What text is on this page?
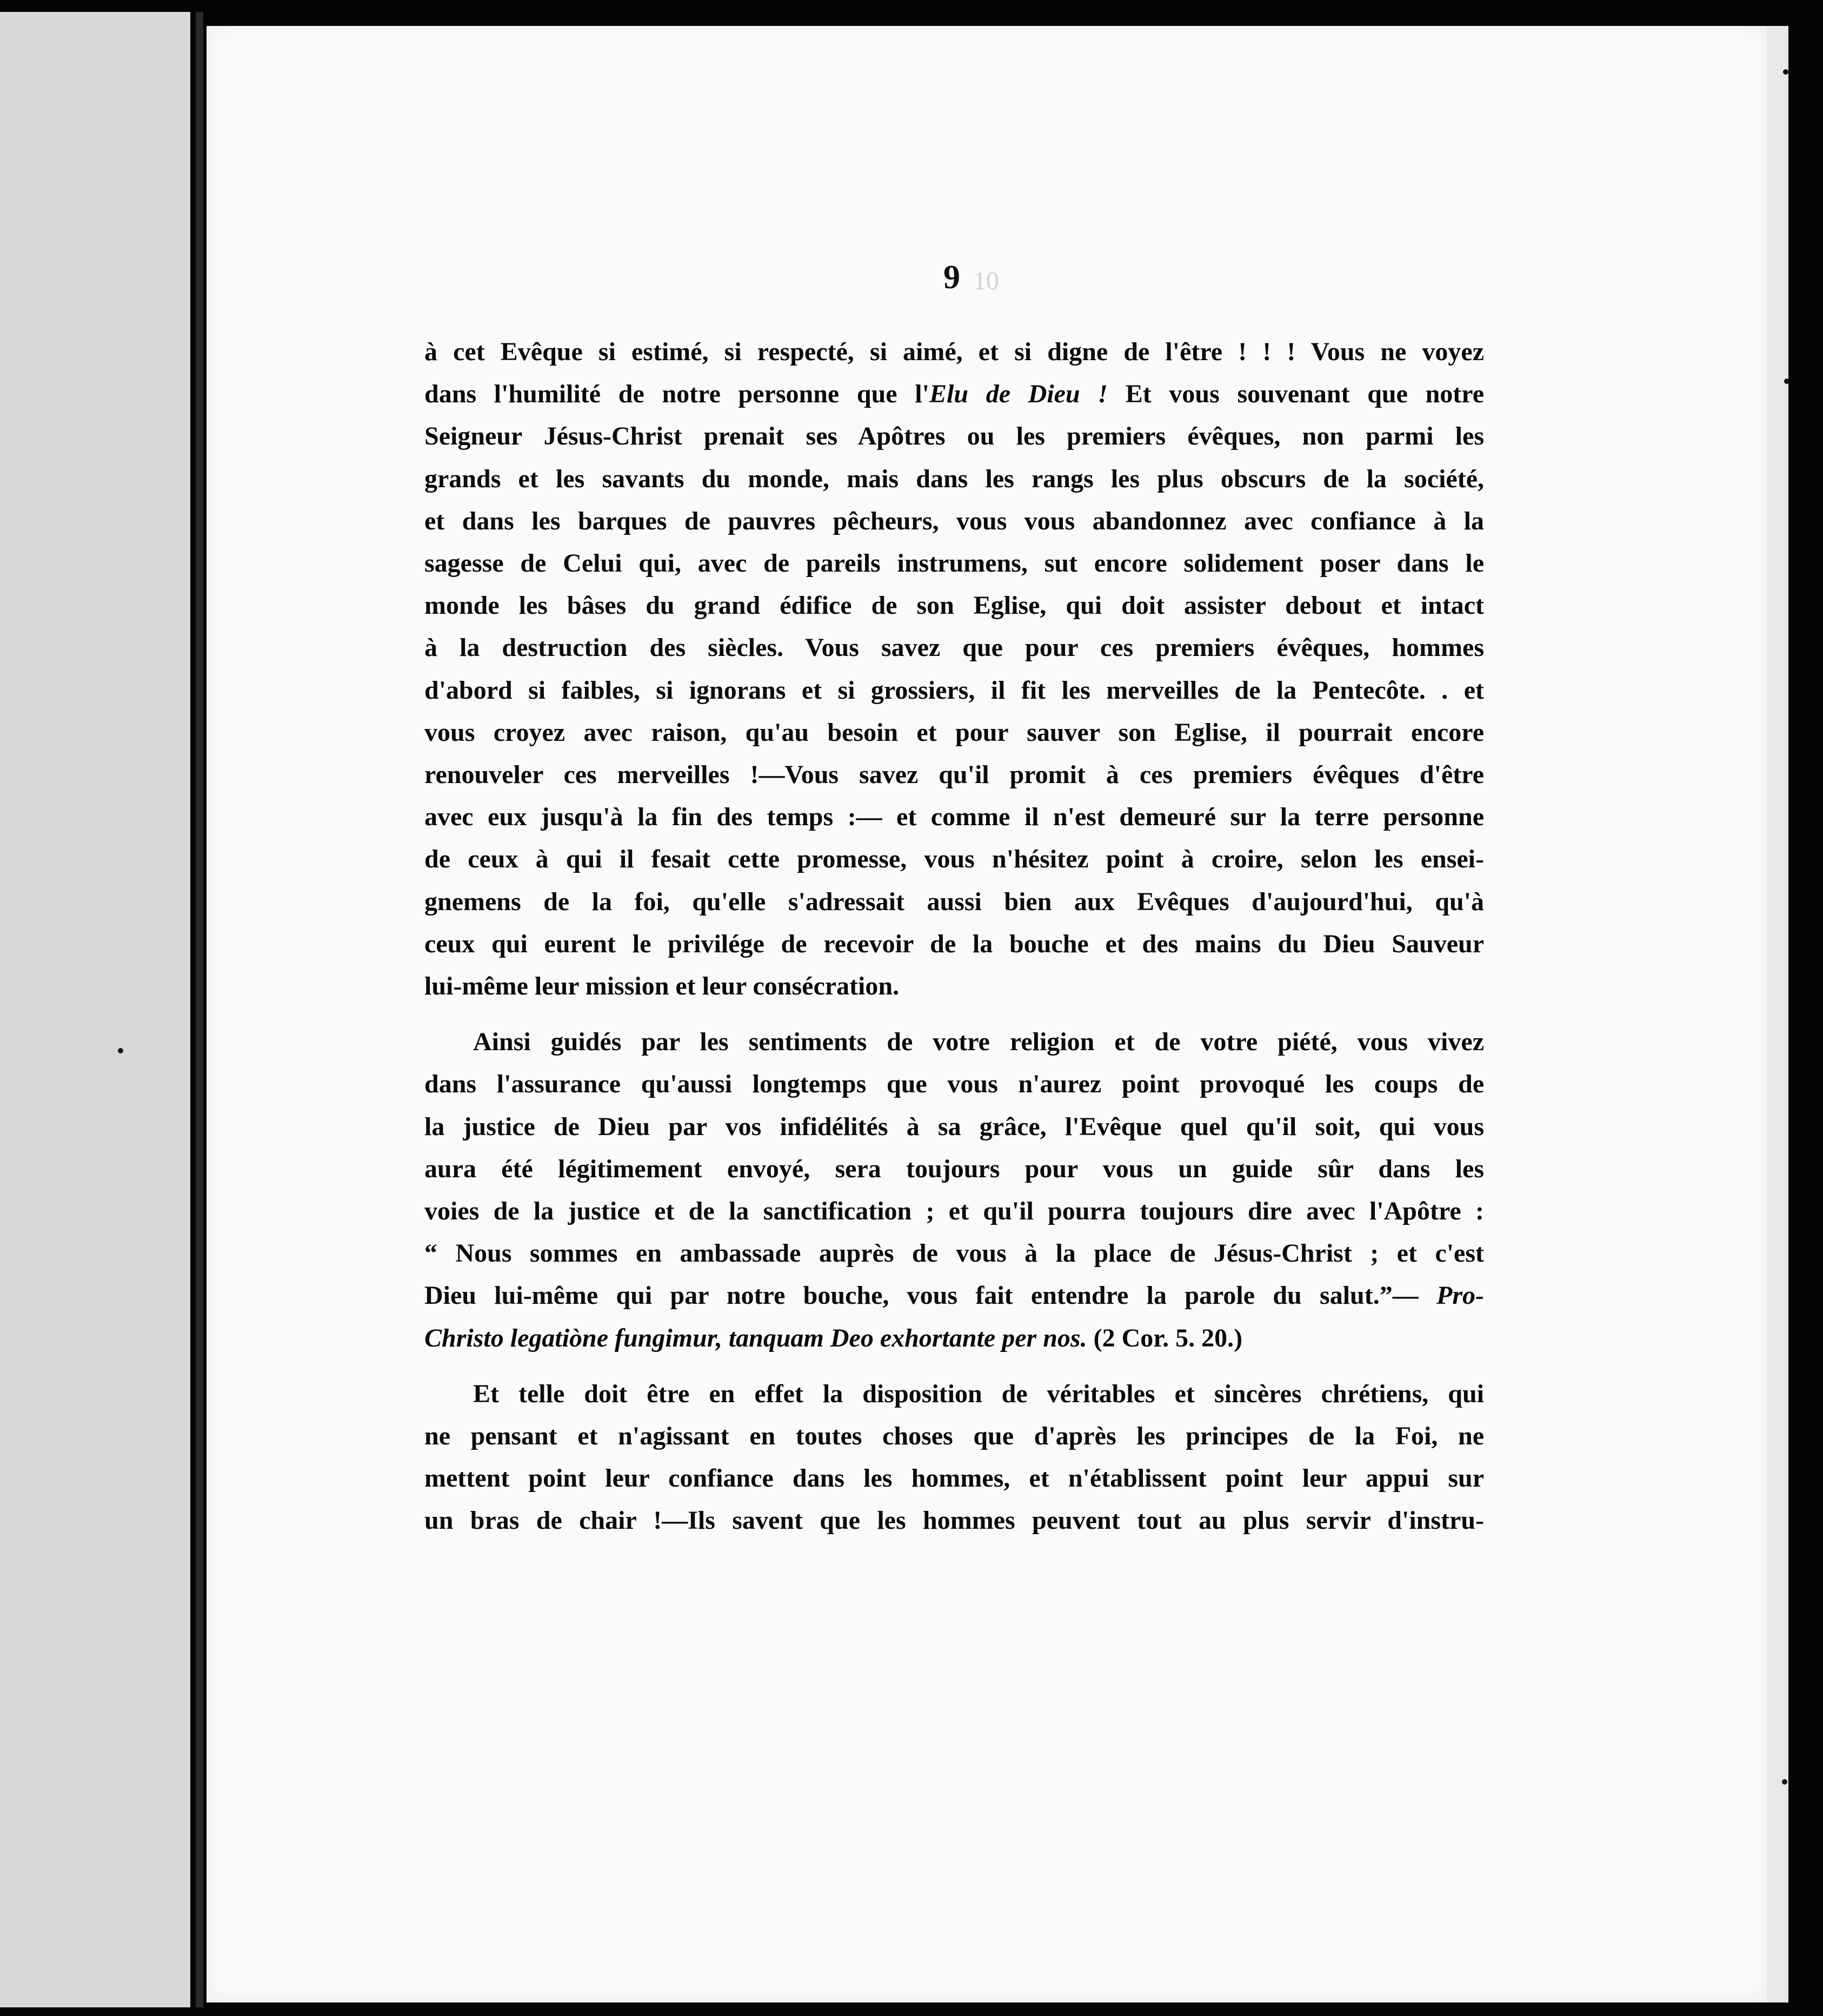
10
9
à cet Evêque si estimé, si respecté, si aimé, et si digne de l'être ! ! ! Vous ne voyez
dans l'humilité de notre personne que l'Elu de Dieu ! Et vous souvenant que notre
Seigneur Jésus-Christ prenait ses Apôtres ou les premiers évêques, non parmi les
grands et les savants du monde, mais dans les rangs les plus obscurs de la société,
et dans les barques de pauvres pêcheurs, vous vous abandonnez avec confiance à la
sagesse de Celui qui, avec de pareils instrumens, sut encore solidement poser dans le
monde les bâses du grand édifice de son Eglise, qui doit assister debout et intact
à la destruction des siècles. Vous savez que pour ces premiers évêques, hommes
d'abord si faibles, si ignorans et si grossiers, il fit les merveilles de la Pentecôte. . et
vous croyez avec raison, qu'au besoin et pour sauver son Eglise, il pourrait encore
renouveler ces merveilles !—Vous savez qu'il promit à ces premiers évêques d'être
avec eux jusqu'à la fin des temps :— et comme il n'est demeuré sur la terre personne
de ceux à qui il fesait cette promesse, vous n'hésitez point à croire, selon les ensei-
gnemens de la foi, qu'elle s'adressait aussi bien aux Evêques d'aujourd'hui, qu'à
ceux qui eurent le privilége de recevoir de la bouche et des mains du Dieu Sauveur
lui-même leur mission et leur consécration.
Ainsi guidés par les sentiments de votre religion et de votre piété, vous vivez
dans l'assurance qu'aussi longtemps que vous n'aurez point provoqué les coups de
la justice de Dieu par vos infidélités à sa grâce, l'Evêque quel qu'il soit, qui vous
aura été légitimement envoyé, sera toujours pour vous un guide sûr dans les
voies de la justice et de la sanctification ; et qu'il pourra toujours dire avec l'Apôtre :
“ Nous sommes en ambassade auprès de vous à la place de Jésus-Christ ; et c'est
Dieu lui-même qui par notre bouche, vous fait entendre la parole du salut.”— Pro-
Christo legatiòne fungimur, tanquam Deo exhortante per nos. (2 Cor. 5. 20.)
Et telle doit être en effet la disposition de véritables et sincères chrétiens, qui
ne pensant et n'agissant en toutes choses que d'après les principes de la Foi, ne
mettent point leur confiance dans les hommes, et n'établissent point leur appui sur
un bras de chair !—Ils savent que les hommes peuvent tout au plus servir d'instru-
